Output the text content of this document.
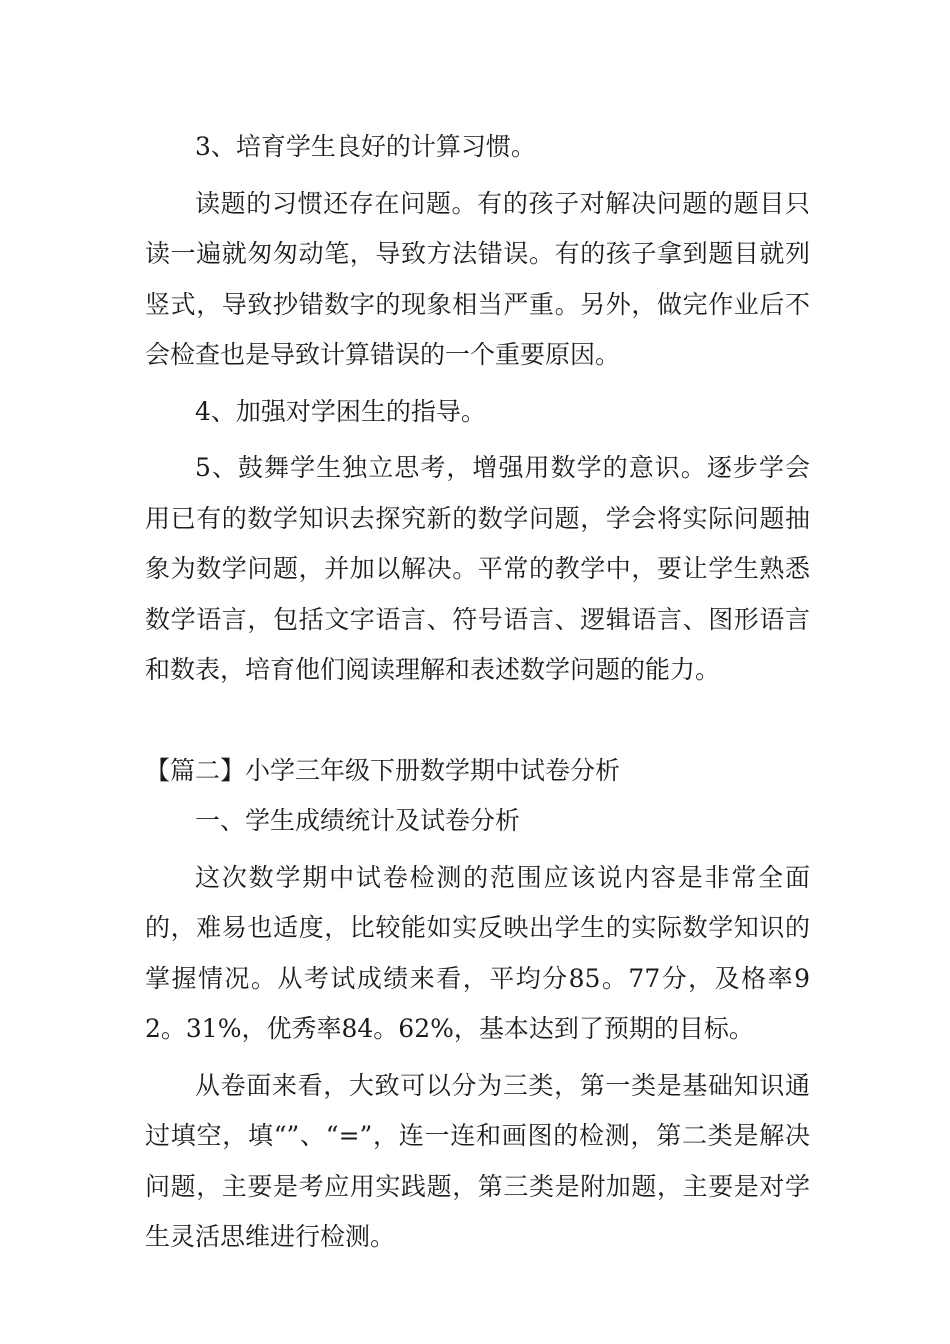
3、培育学生良好的计算习惯。

读题的习惯还存在问题。有的孩子对解决问题的题目只读一遍就匆匆动笔，导致方法错误。有的孩子拿到题目就列竖式，导致抄错数字的现象相当严重。另外，做完作业后不会检查也是导致计算错误的一个重要原因。

4、加强对学困生的指导。

5、鼓舞学生独立思考，增强用数学的意识。逐步学会用已有的数学知识去探究新的数学问题，学会将实际问题抽象为数学问题，并加以解决。平常的教学中，要让学生熟悉数学语言，包括文字语言、符号语言、逻辑语言、图形语言和数表，培育他们阅读理解和表述数学问题的能力。

【篇二】小学三年级下册数学期中试卷分析

一、学生成绩统计及试卷分析

这次数学期中试卷检测的范围应该说内容是非常全面的，难易也适度，比较能如实反映出学生的实际数学知识的掌握情况。从考试成绩来看，平均分85。77分，及格率92。31%，优秀率84。62%，基本达到了预期的目标。

从卷面来看，大致可以分为三类，第一类是基础知识通过填空，填“”、“=”，连一连和画图的检测，第二类是解决问题，主要是考应用实践题，第三类是附加题，主要是对学生灵活思维进行检测。
